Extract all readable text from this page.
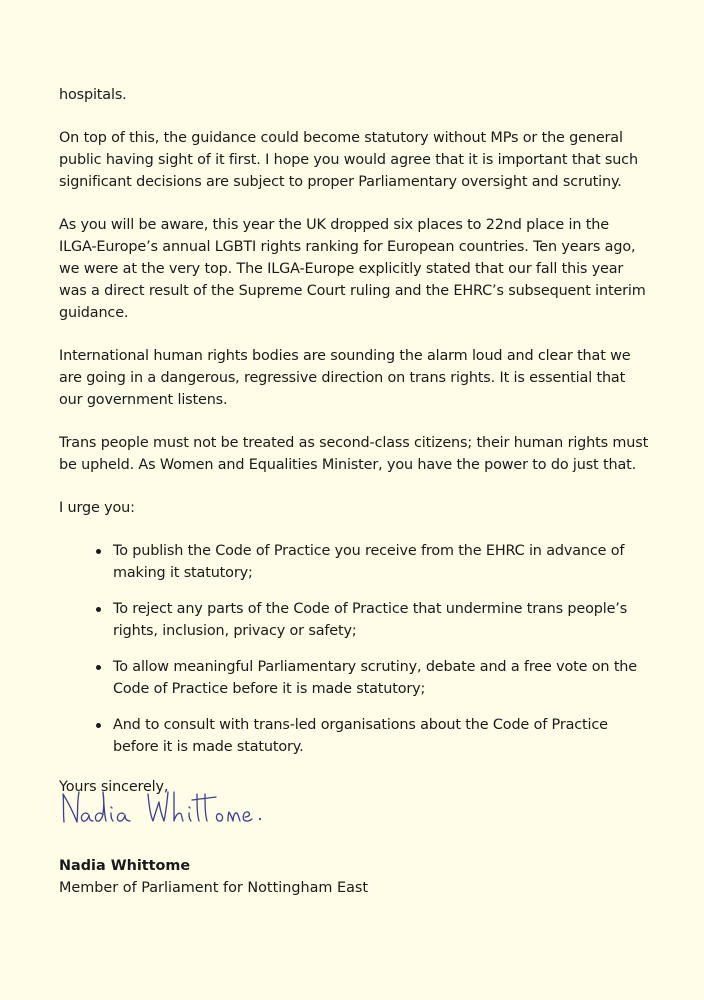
hospitals.

On top of this, the guidance could become statutory without MPs or the general public having sight of it first. I hope you would agree that it is important that such significant decisions are subject to proper Parliamentary oversight and scrutiny.

As you will be aware, this year the UK dropped six places to 22nd place in the ILGA-Europe’s annual LGBTI rights ranking for European countries. Ten years ago, we were at the very top. The ILGA-Europe explicitly stated that our fall this year was a direct result of the Supreme Court ruling and the EHRC’s subsequent interim guidance.

International human rights bodies are sounding the alarm loud and clear that we are going in a dangerous, regressive direction on trans rights. It is essential that our government listens.

Trans people must not be treated as second-class citizens; their human rights must be upheld. As Women and Equalities Minister, you have the power to do just that.

I urge you:

To publish the Code of Practice you receive from the EHRC in advance of making it statutory;
To reject any parts of the Code of Practice that undermine trans people’s rights, inclusion, privacy or safety;
To allow meaningful Parliamentary scrutiny, debate and a free vote on the Code of Practice before it is made statutory;
And to consult with trans-led organisations about the Code of Practice before it is made statutory.

Yours sincerely,

Nadia Whittome
Member of Parliament for Nottingham East
